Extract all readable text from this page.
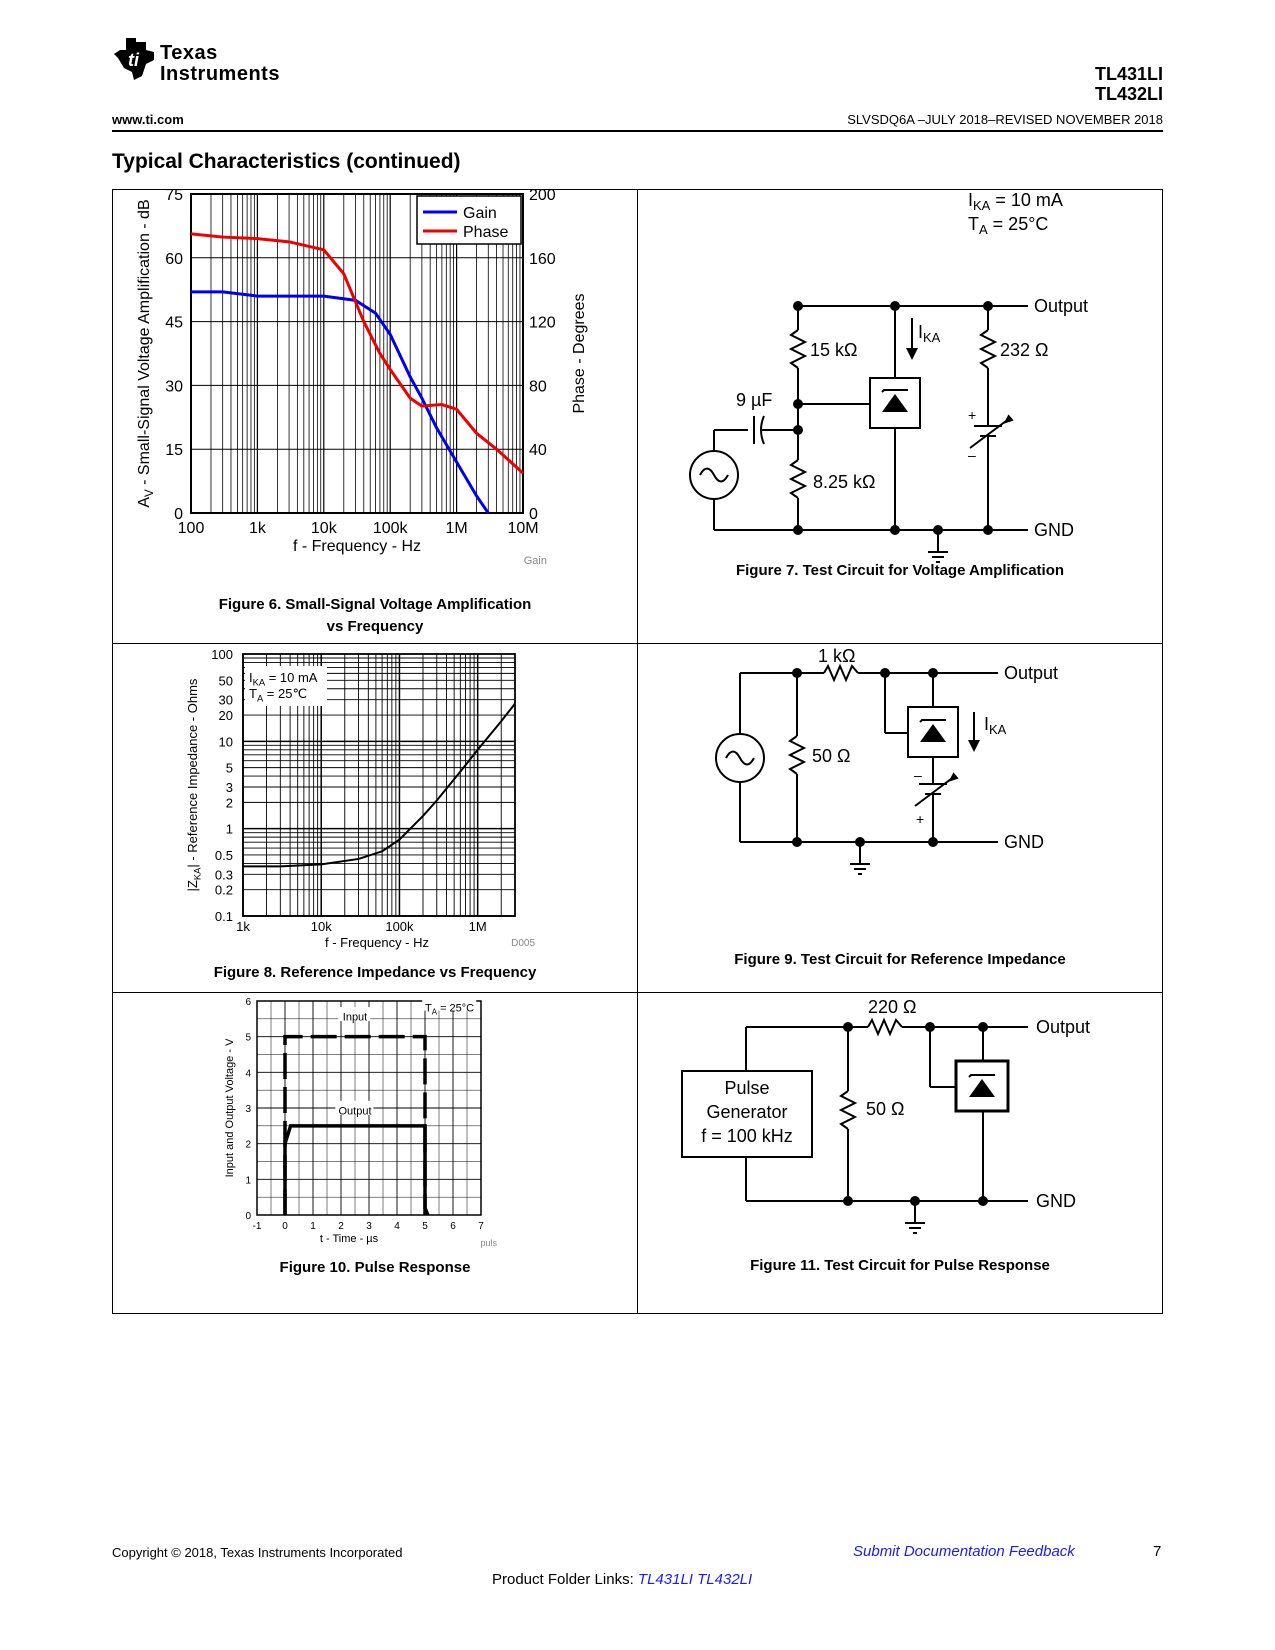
ti Texas
Instruments	TL431LI
TL432LI
www.ti.com	SLVSDQ6A –JULY 2018–REVISED NOVEMBER 2018
Typical Characteristics (continued)
0
15
30
45
60
75
0
40
80
120
160
200
100	1k	10k 100k 1M 10M
Gain
Phase
f - Frequency - Hz
$A_V$ - Small-Signal Voltage Amplification - dB	Phase - Degrees
Gain
Figure 6. Small-Signal Voltage Amplification
vs Frequency
$I_{KA} = 10$ mA
$T_A = 25^\circ C$
15 kΩ
8.25 kΩ
232 Ω
9 µF
Output
GND
$I_{KA}$
+
–
Figure 7. Test Circuit for Voltage Amplification
0.1
0.2
0.3
0.5
1
2
3
5
10
20
30
50
100
1k	10k	100k	1M
$I_{KA} = 10$ mA
$T_A$ = 25℃
f - Frequency - Hz
$|Z_{KA}|$ - Reference Impedance - Ohms
D005
Figure 8. Reference Impedance vs Frequency
1 kΩ
50 Ω
Output
GND
$I_{KA}$
–
+
Figure 9. Test Circuit for Reference Impedance
0
1
2
3
4
5
6
-1 0 1 2 3 4 5 6 7
Input
Output
$T_A = 25^\circ C$
t - Time - µs
Input and Output Voltage - V
puls
Figure 10. Pulse Response
220 Ω
50 Ω
Output
GND
Pulse
Generator
f = 100 kHz
Figure 11. Test Circuit for Pulse Response
Copyright © 2018, Texas Instruments Incorporated	Submit Documentation Feedback	7
Product Folder Links: TL431LI TL432LI
